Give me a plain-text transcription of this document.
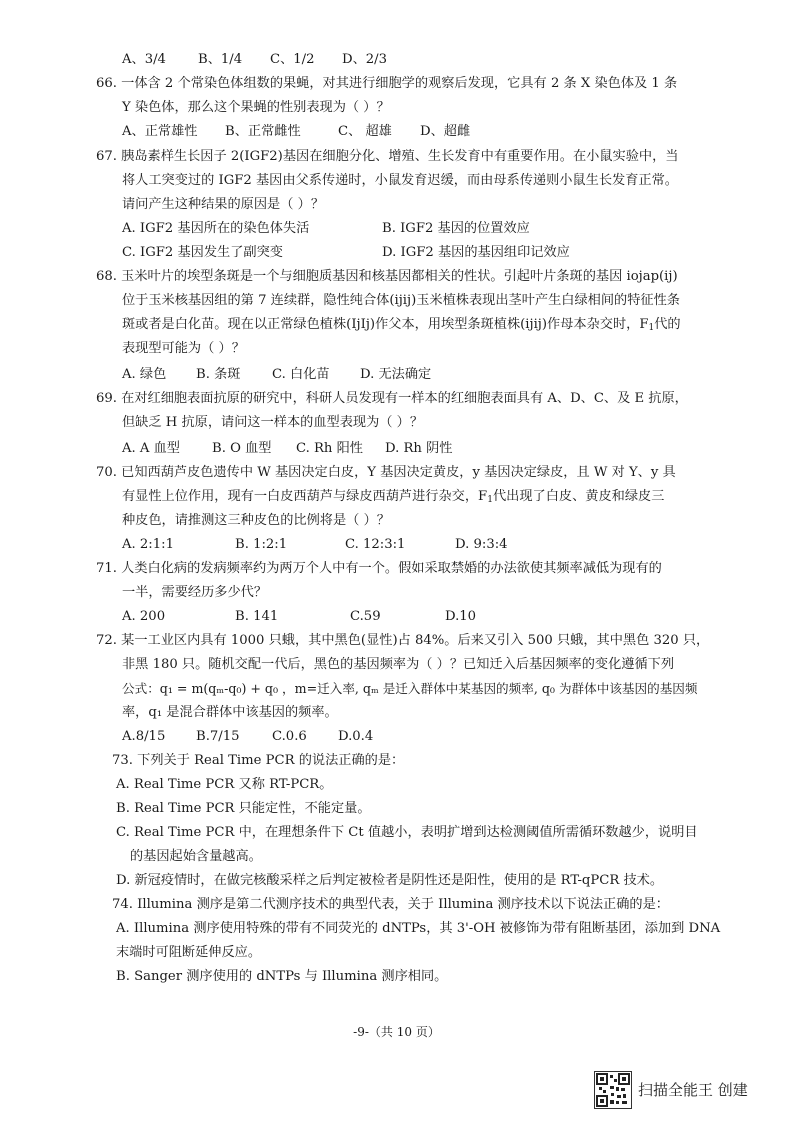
A、3/4 B、1/4 C、1/2 D、2/3
66. 一体含 2 个常染色体组数的果蝇，对其进行细胞学的观察后发现，它具有 2 条 X 染色体及 1 条
Y 染色体，那么这个果蝇的性别表现为（ ）？
A、正常雄性 B、正常雌性	C、 超雄 D、超雌
67. 胰岛素样生长因子 2(IGF2)基因在细胞分化、增殖、生长发育中有重要作用。在小鼠实验中，当
将人工突变过的 IGF2 基因由父系传递时，小鼠发育迟缓，而由母系传递则小鼠生长发育正常。
请问产生这种结果的原因是（ ）？
A. IGF2 基因所在的染色体失活	B. IGF2 基因的位置效应
C. IGF2 基因发生了副突变	D. IGF2 基因的基因组印记效应
68. 玉米叶片的埃型条斑是一个与细胞质基因和核基因都相关的性状。引起叶片条斑的基因 iojap(ij)
位于玉米核基因组的第 7 连续群，隐性纯合体(ijij)玉米植株表现出茎叶产生白绿相间的特征性条
斑或者是白化苗。现在以正常绿色植株(IjIj)作父本，用埃型条斑植株(ijij)作母本杂交时，$F_1$代的
表现型可能为（ ）？
A. 绿色 B. 条斑 C. 白化苗 D. 无法确定
69. 在对红细胞表面抗原的研究中，科研人员发现有一样本的红细胞表面具有 A、D、C、及 E 抗原，
但缺乏 H 抗原，请问这一样本的血型表现为（ ）？
A. A 血型 B. O 血型 C. Rh 阳性 D. Rh 阴性
70. 已知西葫芦皮色遗传中 W 基因决定白皮，Y 基因决定黄皮，y 基因决定绿皮，且 W 对 Y、y 具
有显性上位作用，现有一白皮西葫芦与绿皮西葫芦进行杂交，$F_1$代出现了白皮、黄皮和绿皮三
种皮色，请推测这三种皮色的比例将是（ ）？
A. 2:1:1	B. 1:2:1	C. 12:3:1	D. 9:3:4
71. 人类白化病的发病频率约为两万个人中有一个。假如采取禁婚的办法欲使其频率减低为现有的
一半，需要经历多少代？
A. 200	B. 141	C.59	D.10
72. 某一工业区内具有 1000 只蛾，其中黑色(显性)占 84%。后来又引入 500 只蛾，其中黑色 320 只，
非黑 180 只。随机交配一代后，黑色的基因频率为（ ）？已知迁入后基因频率的变化遵循下列
公式：q₁ = m(qₘ-q₀) + q₀ ，m=迁入率, qₘ 是迁入群体中某基因的频率, q₀ 为群体中该基因的基因频
率，q₁ 是混合群体中该基因的频率。
A.8/15 B.7/15 C.0.6 D.0.4
73. 下列关于 Real Time PCR 的说法正确的是：
A. Real Time PCR 又称 RT-PCR。
B. Real Time PCR 只能定性，不能定量。
C. Real Time PCR 中，在理想条件下 Ct 值越小，表明扩增到达检测阈值所需循环数越少，说明目
的基因起始含量越高。
D. 新冠疫情时，在做完核酸采样之后判定被检者是阴性还是阳性，使用的是 RT-qPCR 技术。
74. Illumina 测序是第二代测序技术的典型代表，关于 Illumina 测序技术以下说法正确的是：
A. Illumina 测序使用特殊的带有不同荧光的 dNTPs，其 3'-OH 被修饰为带有阻断基团，添加到 DNA
末端时可阻断延伸反应。
B. Sanger 测序使用的 dNTPs 与 Illumina 测序相同。
-9-（共 10 页）
扫描全能王 创建
